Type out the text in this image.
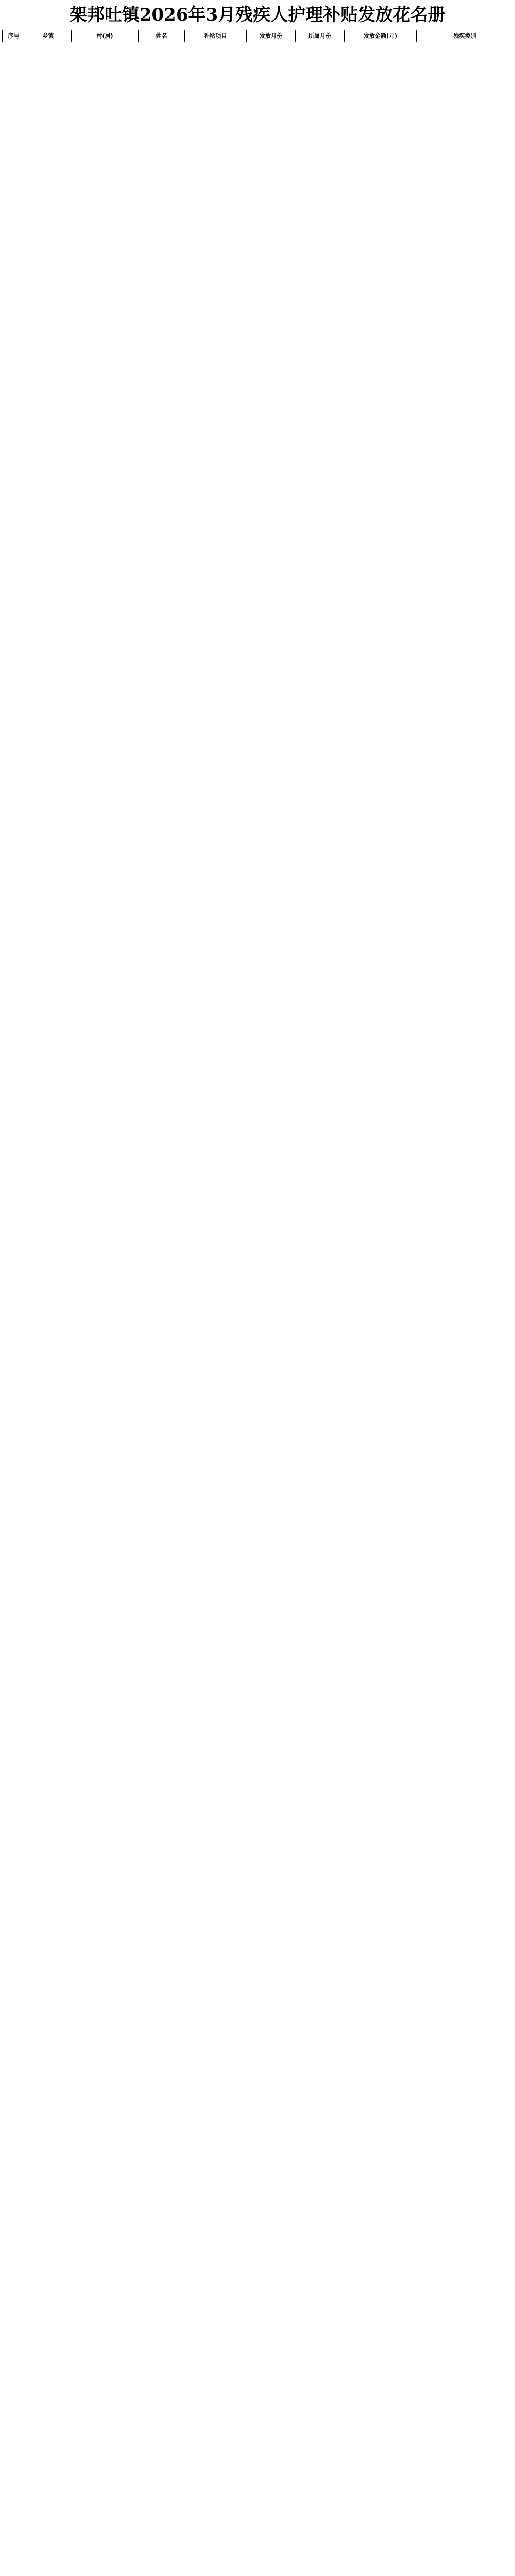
架邦吐镇2026年3月残疾人护理补贴发放花名册
序号	乡镇	村(居)	姓名	补贴项目	发放月份	所属月份	发放金额(元)	残疾类别
